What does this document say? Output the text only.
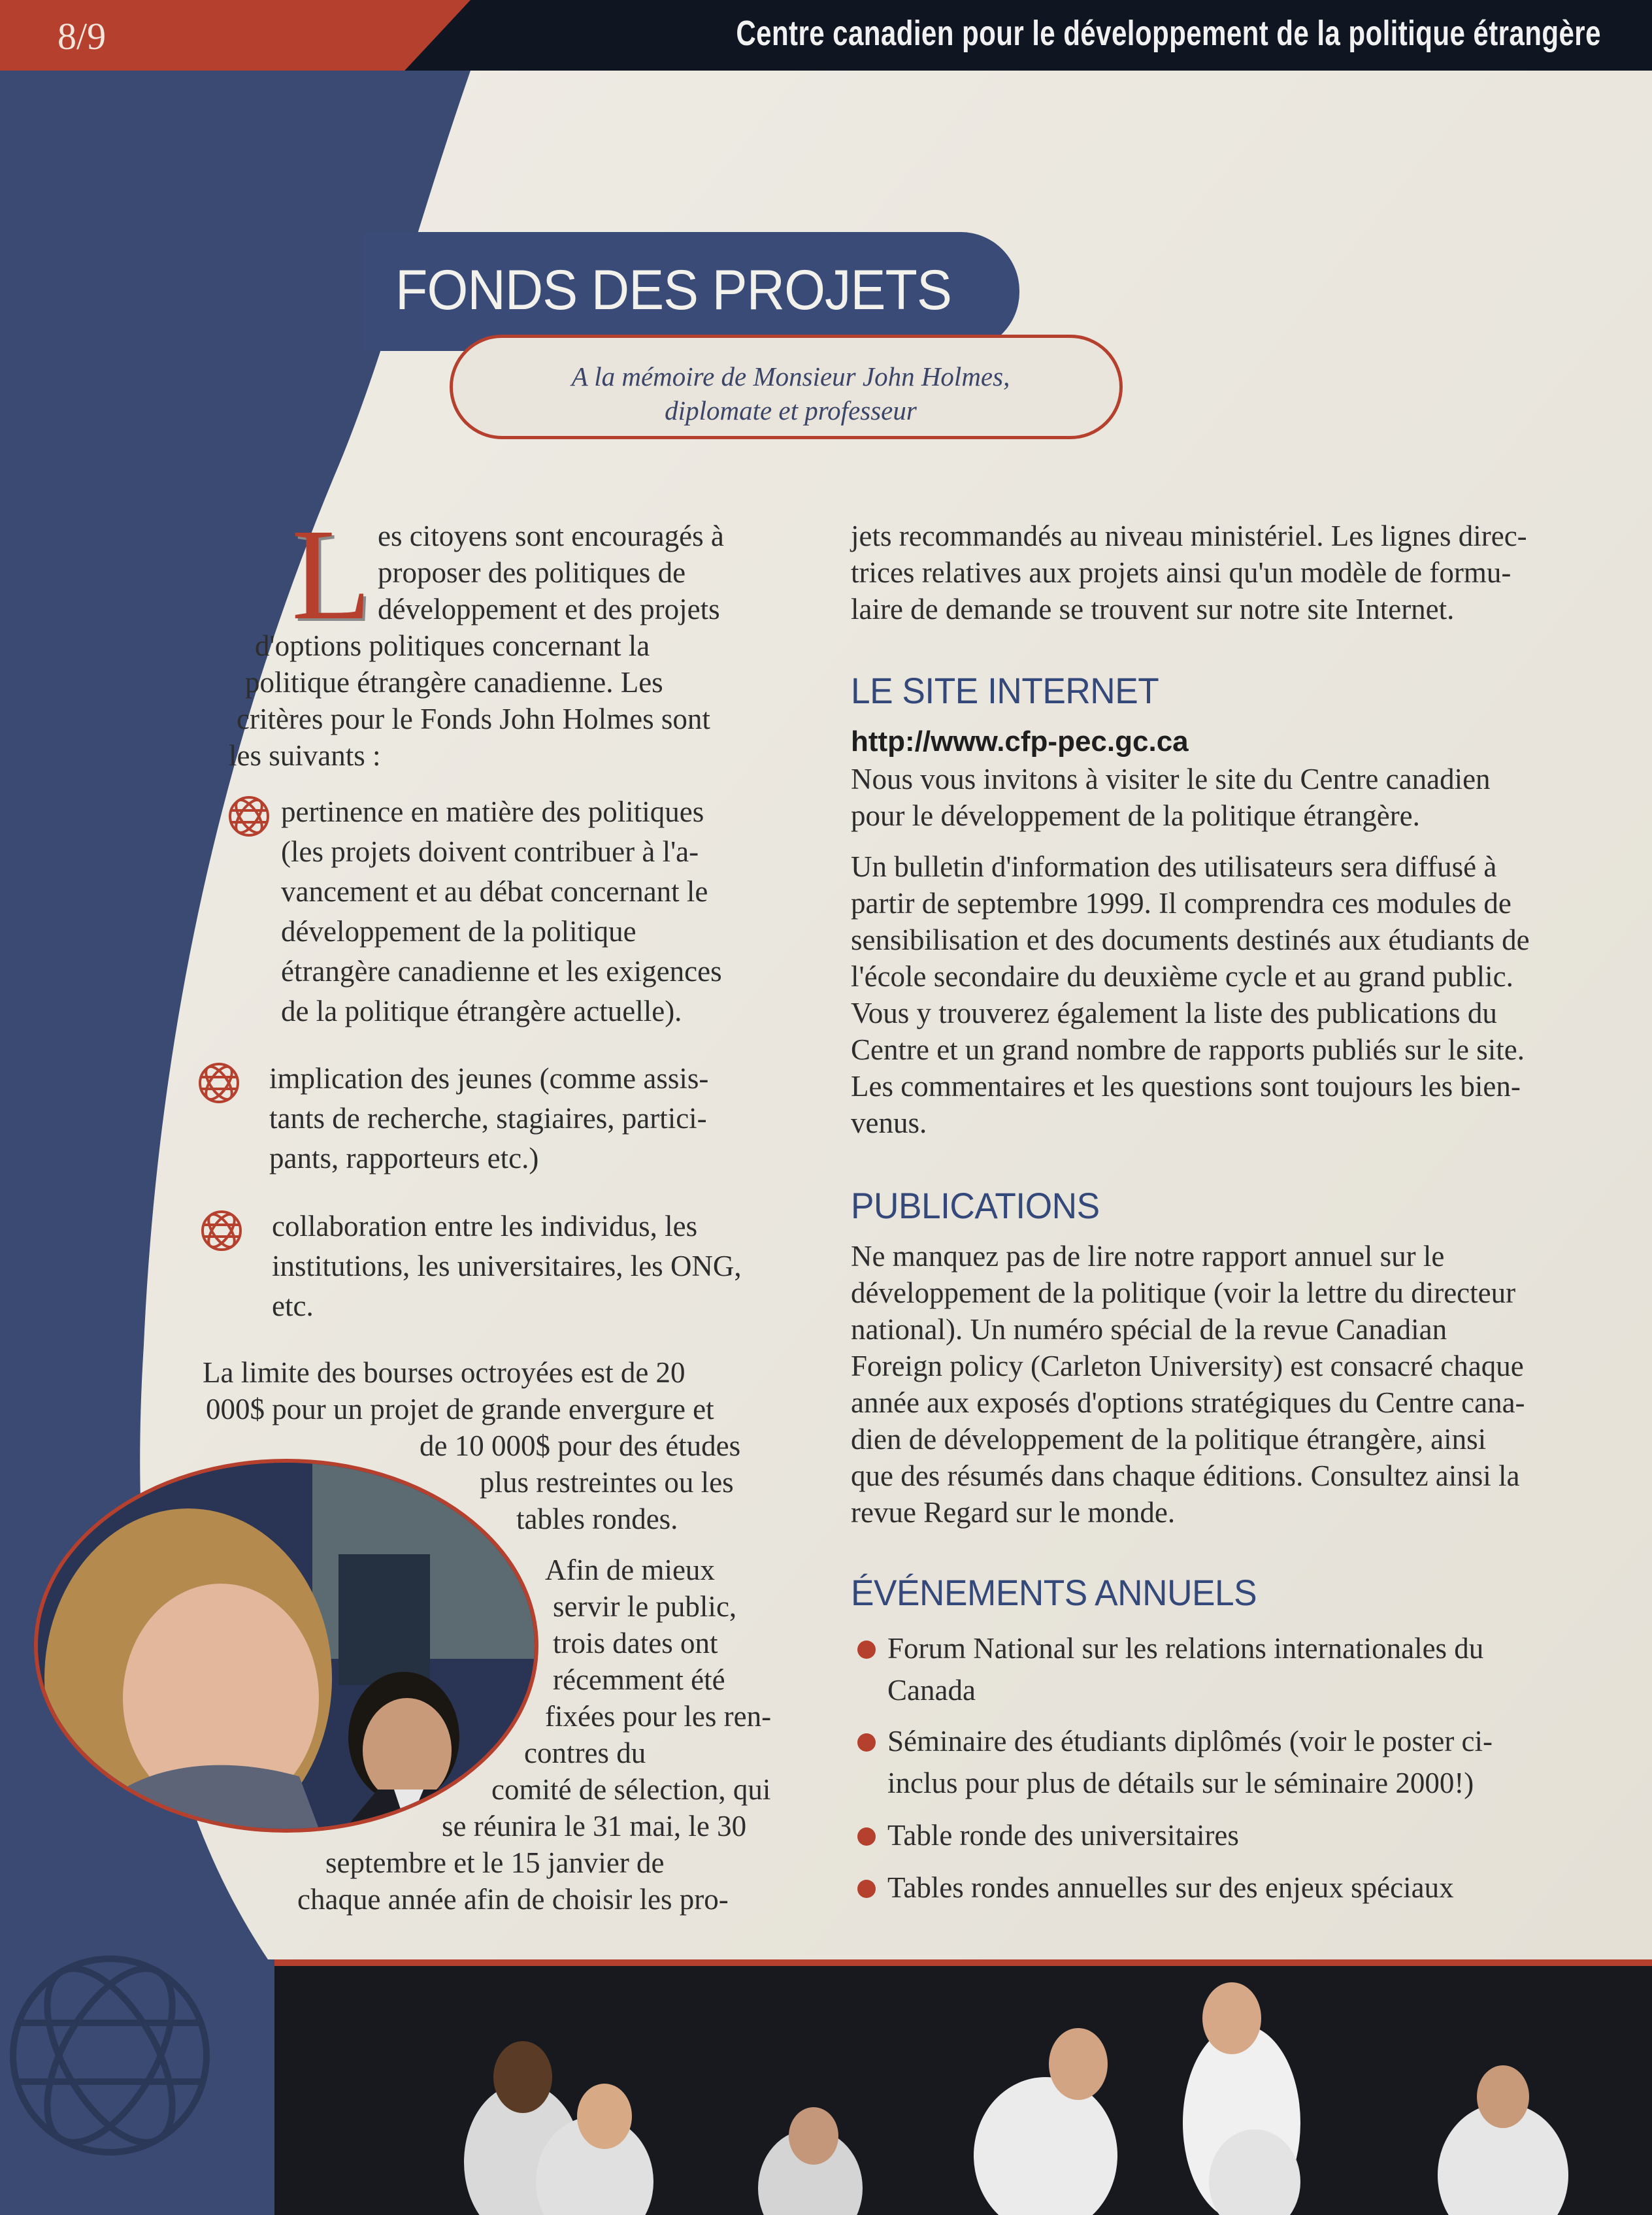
8/9	Centre canadien pour le développement de la politique étrangère
FONDS DES PROJETS
A la mémoire de Monsieur John Holmes,
diplomate et professeur
L es citoyens sont encouragés à
proposer des politiques de
développement et des projets
d'options politiques concernant la
politique étrangère canadienne. Les
critères pour le Fonds John Holmes sont
les suivants :
pertinence en matière des politiques
(les projets doivent contribuer à l'a-
vancement et au débat concernant le
développement de la politique
étrangère canadienne et les exigences
de la politique étrangère actuelle).
implication des jeunes (comme assis-
tants de recherche, stagiaires, partici-
pants, rapporteurs etc.)
collaboration entre les individus, les
institutions, les universitaires, les ONG,
etc.
La limite des bourses octroyées est de 20
000$ pour un projet de grande envergure et
de 10 000$ pour des études
plus restreintes ou les
tables rondes.
Afin de mieux
servir le public,
trois dates ont
récemment été
fixées pour les ren-
contres du
comité de sélection, qui
se réunira le 31 mai, le 30
septembre et le 15 janvier de
chaque année afin de choisir les pro-
jets recommandés au niveau ministériel. Les lignes direc-
trices relatives aux projets ainsi qu'un modèle de formu-
laire de demande se trouvent sur notre site Internet.
LE SITE INTERNET
http://www.cfp-pec.gc.ca
Nous vous invitons à visiter le site du Centre canadien
pour le développement de la politique étrangère.
Un bulletin d'information des utilisateurs sera diffusé à
partir de septembre 1999. Il comprendra ces modules de
sensibilisation et des documents destinés aux étudiants de
l'école secondaire du deuxième cycle et au grand public.
Vous y trouverez également la liste des publications du
Centre et un grand nombre de rapports publiés sur le site.
Les commentaires et les questions sont toujours les bien-
venus.
PUBLICATIONS
Ne manquez pas de lire notre rapport annuel sur le
développement de la politique (voir la lettre du directeur
national). Un numéro spécial de la revue Canadian
Foreign policy (Carleton University) est consacré chaque
année aux exposés d'options stratégiques du Centre cana-
dien de développement de la politique étrangère, ainsi
que des résumés dans chaque éditions. Consultez ainsi la
revue Regard sur le monde.
ÉVÉNEMENTS ANNUELS
Forum National sur les relations internationales du
Canada
Séminaire des étudiants diplômés (voir le poster ci-
inclus pour plus de détails sur le séminaire 2000!)
Table ronde des universitaires
Tables rondes annuelles sur des enjeux spéciaux
